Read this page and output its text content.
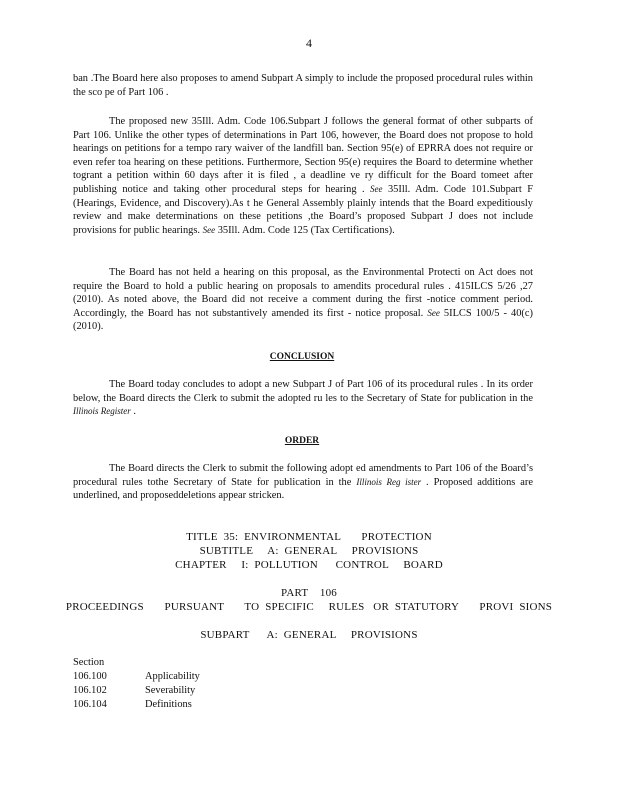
4
ban .The Board here also proposes to amend Subpart A simply to include the proposed procedural rules within the sco pe of Part 106 .
The proposed new 35Ill. Adm. Code 106.Subpart J follows the general format of other subparts of Part 106. Unlike the other types of determinations in Part 106, however, the Board does not propose to hold hearings on petitions for a tempo rary waiver of the landfill ban. Section 95(e) of EPRRA does not require or even refer toa hearing on these petitions. Furthermore, Section 95(e) requires the Board to determine whether togrant a petition within 60 days after it is filed , a deadline ve ry difficult for the Board tomeet after publishing notice and taking other procedural steps for hearing . See 35Ill. Adm. Code 101.Subpart F (Hearings, Evidence, and Discovery).As t he General Assembly plainly intends that the Board expeditiously review and make determinations on these petitions ,the Board’s proposed Subpart J does not include provisions for public hearings. See 35Ill. Adm. Code 125 (Tax Certifications).
The Board has not held a hearing on this proposal, as the Environmental Protecti on Act does not require the Board to hold a public hearing on proposals to amendits procedural rules . 415ILCS 5/26 ,27 (2010). As noted above, the Board did not receive a comment during the first -notice comment period. Accordingly, the Board has not substantively amended its first - notice proposal. See 5ILCS 100/5 - 40(c) (2010).
CONCLUSION
The Board today concludes to adopt a new Subpart J of Part 106 of its procedural rules . In its order below, the Board directs the Clerk to submit the adopted ru les to the Secretary of State for publication in the Illinois Register .
ORDER
The Board directs the Clerk to submit the following adopt ed amendments to Part 106 of the Board’s procedural rules tothe Secretary of State for publication in the Illinois Reg ister . Proposed additions are underlined, and proposeddeletions appear stricken.
TITLE  35:  ENVIRONMENTAL       PROTECTION
SUBTITLE     A:  GENERAL     PROVISIONS
CHAPTER     I:  POLLUTION      CONTROL     BOARD
PART    106
PROCEEDINGS       PURSUANT       TO  SPECIFIC     RULES   OR  STATUTORY       PROVI  SIONS
SUBPART      A:  GENERAL     PROVISIONS
Section
106.100	Applicability
106.102	Severability
106.104	Definitions
